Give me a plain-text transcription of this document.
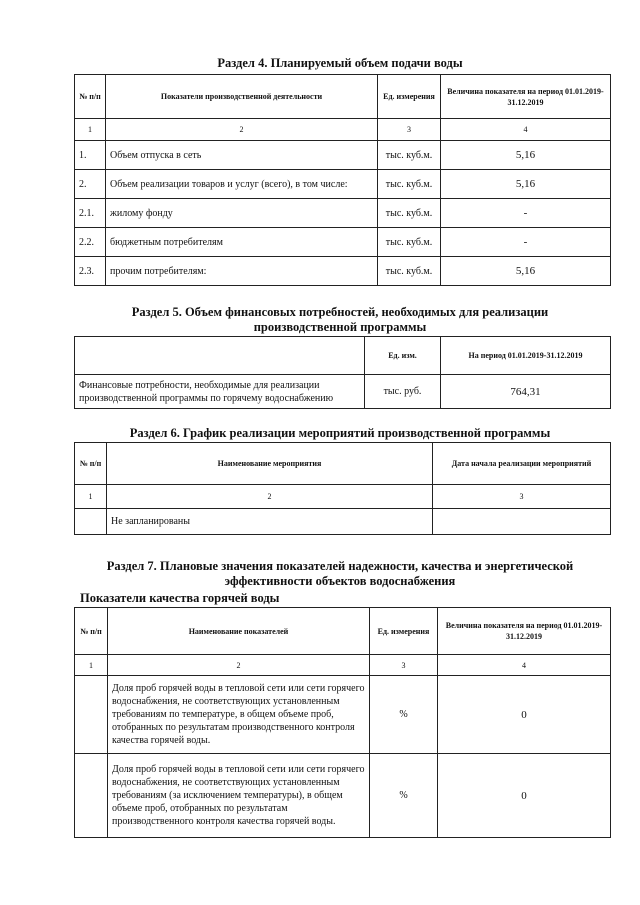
Раздел 4. Планируемый объем подачи воды
№ п/п	Показатели производственной деятельности	Ед. измерения	Величина показателя на период 01.01.2019-31.12.2019
1	2	3	4
1.	Объем отпуска в сеть	тыс. куб.м.	5,16
2.	Объем реализации товаров и услуг (всего), в том числе:	тыс. куб.м.	5,16
2.1.	жилому фонду	тыс. куб.м.	-
2.2.	бюджетным потребителям	тыс. куб.м.	-
2.3.	прочим потребителям:	тыс. куб.м.	5,16
Раздел 5. Объем финансовых потребностей, необходимых для реализации производственной программы
	Ед. изм.	На период 01.01.2019-31.12.2019
Финансовые потребности, необходимые для реализации производственной программы по горячему водоснабжению	тыс. руб.	764,31
Раздел 6. График реализации мероприятий производственной программы
№ п/п	Наименование мероприятия	Дата начала реализации мероприятий
1	2	3
	Не запланированы	
Раздел 7. Плановые значения показателей надежности, качества и энергетической эффективности объектов водоснабжения
Показатели качества горячей воды
№ п/п	Наименование показателей	Ед. измерения	Величина показателя на период 01.01.2019-31.12.2019
1	2	3	4
	Доля проб горячей воды в тепловой сети или сети горячего водоснабжения, не соответствующих установленным требованиям по температуре, в общем объеме проб, отобранных по результатам производственного контроля качества горячей воды.	%	0
	Доля проб горячей воды в тепловой сети или сети горячего водоснабжения, не соответствующих установленным требованиям (за исключением температуры), в общем объеме проб, отобранных по результатам производственного контроля качества горячей воды.	%	0
